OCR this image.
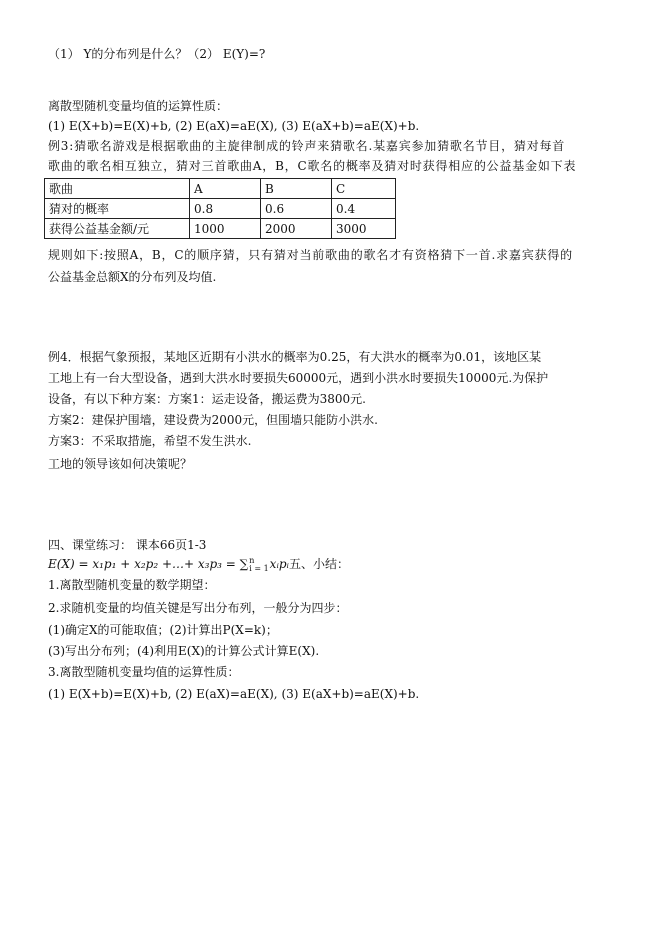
（1） Y的分布列是什么？（2） E(Y)=?
离散型随机变量均值的运算性质：
(1) E(X+b)=E(X)+b, (2) E(aX)=aE(X), (3) E(aX+b)=aE(X)+b.
例3:猜歌名游戏是根据歌曲的主旋律制成的铃声来猜歌名.某嘉宾参加猜歌名节目，猜对每首
歌曲的歌名相互独立，猜对三首歌曲A，B，C歌名的概率及猜对时获得相应的公益基金如下表
歌曲	A	B	C
猜对的概率	0.8	0.6	0.4
获得公益基金额/元	1000	2000	3000
规则如下:按照A，B，C的顺序猜，只有猜对当前歌曲的歌名才有资格猜下一首.求嘉宾获得的
公益基金总额X的分布列及均值.
例4．根据气象预报，某地区近期有小洪水的概率为0.25，有大洪水的概率为0.01，该地区某
工地上有一台大型设备，遇到大洪水时要损失60000元，遇到小洪水时要损失10000元.为保护
设备，有以下种方案：方案1：运走设备，搬运费为3800元.
方案2：建保护围墙，建设费为2000元，但围墙只能防小洪水.
方案3：不采取措施，希望不发生洪水.
工地的领导该如何决策呢？
四、课堂练习： 课本66页1-3
E(X) = x₁p₁ + x₂p₂ +…+ x₃p₃ = ∑ n
i = 1 xᵢpᵢ五、小结：
1.离散型随机变量的数学期望：
2.求随机变量的均值关键是写出分布列，一般分为四步：
(1)确定X的可能取值；(2)计算出P(X=k)；
(3)写出分布列；(4)利用E(X)的计算公式计算E(X).
3.离散型随机变量均值的运算性质：
(1) E(X+b)=E(X)+b, (2) E(aX)=aE(X), (3) E(aX+b)=aE(X)+b.
